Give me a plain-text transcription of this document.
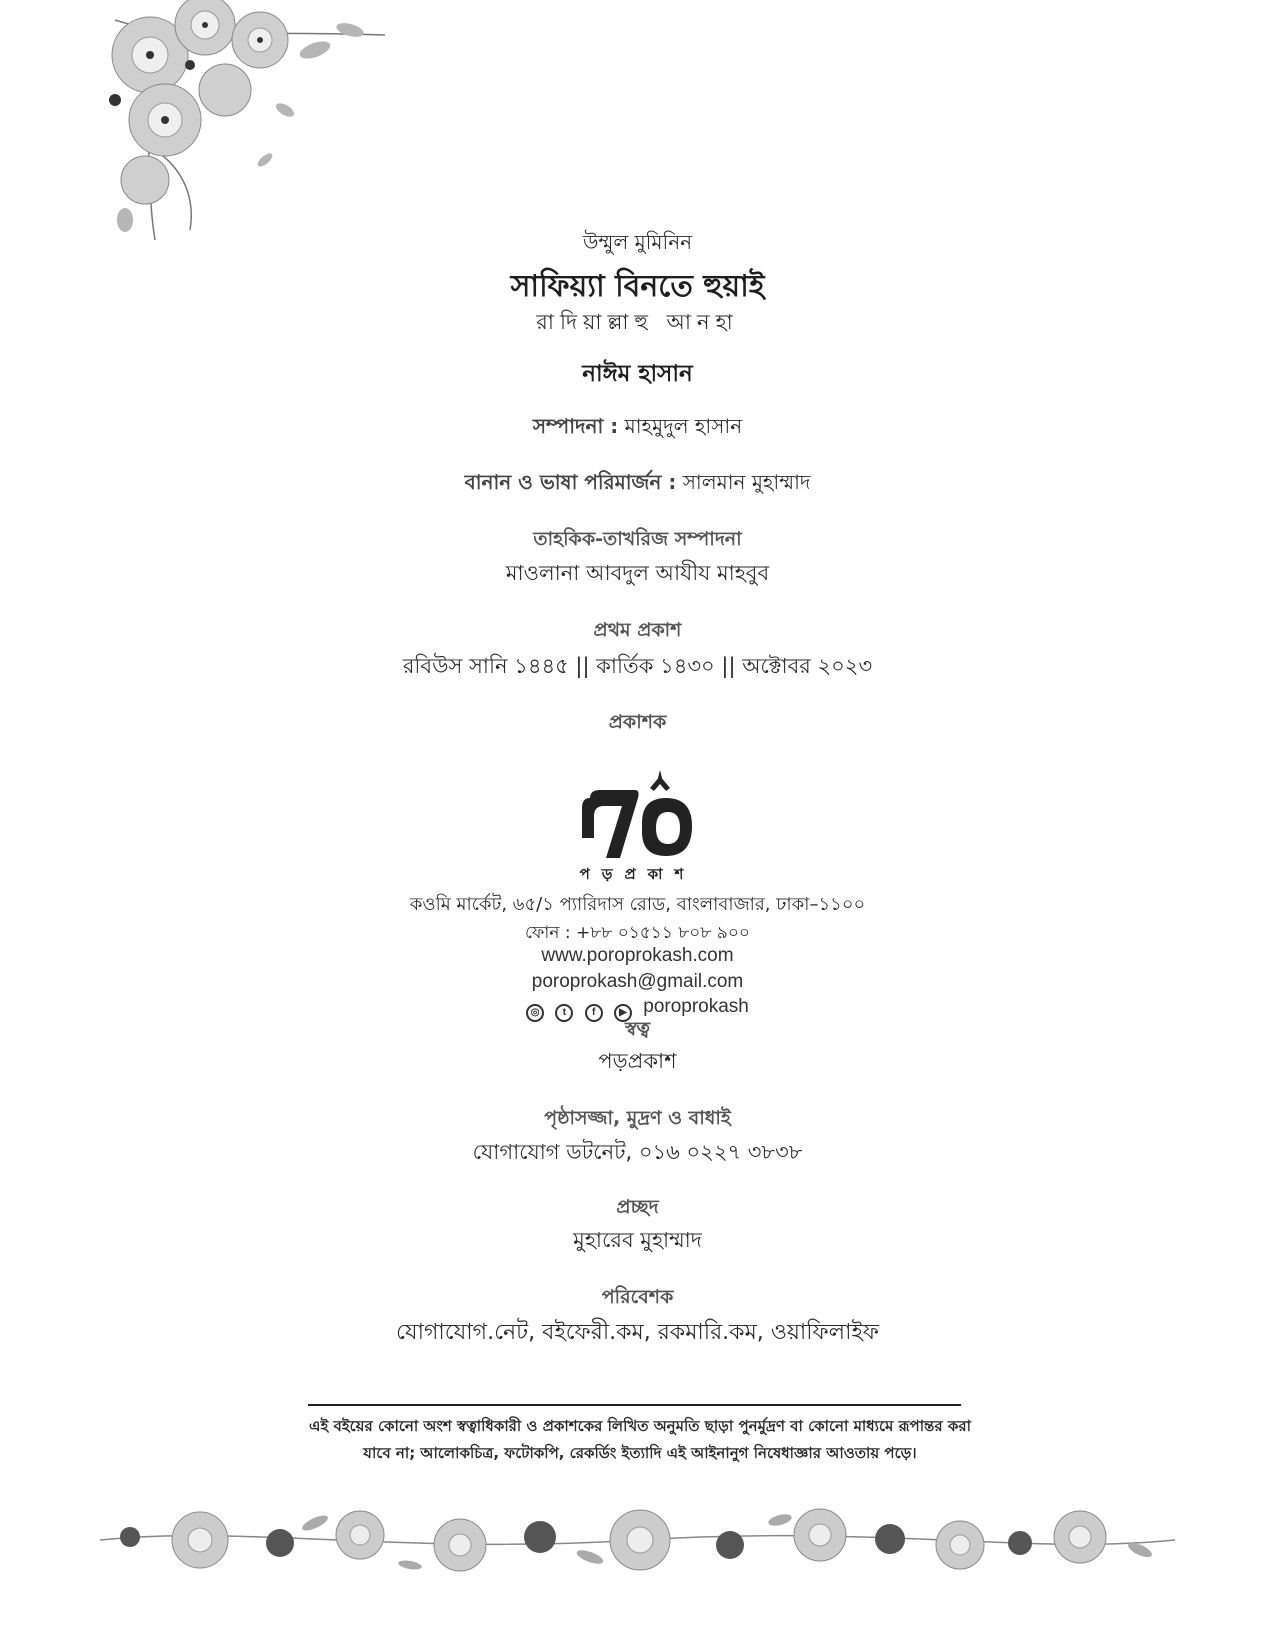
উম্মুল মুমিনিন
সাফিয়্যা বিনতে হুয়াই
রাদিয়াল্লাহু আনহা
নাঈম হাসান
সম্পাদনা : মাহমুদুল হাসান
বানান ও ভাষা পরিমার্জন : সালমান মুহাম্মাদ
তাহকিক-তাখরিজ সম্পাদনা
মাওলানা আবদুল আযীয মাহবুব
প্রথম প্রকাশ
রবিউস সানি ১৪৪৫ || কার্তিক ১৪৩০ || অক্টোবর ২০২৩
প্রকাশক
পড়প্রকাশ
কওমি মার্কেট, ৬৫/১ প্যারিদাস রোড, বাংলাবাজার, ঢাকা–১১০০
ফোন : +৮৮ ০১৫১১ ৮০৮ ৯০০
www.poroprokash.com
poroprokash@gmail.com
◎ t	f ▶ poroprokash
স্বত্ব
পড়প্রকাশ
পৃষ্ঠাসজ্জা, মুদ্রণ ও বাধাই
যোগাযোগ ডটনেট, ০১৬ ০২২৭ ৩৮৩৮
প্রচ্ছদ
মুহারেব মুহাম্মাদ
পরিবেশক
যোগাযোগ.নেট, বইফেরী.কম, রকমারি.কম, ওয়াফিলাইফ
এই বইয়ের কোনো অংশ স্বত্বাধিকারী ও প্রকাশকের লিখিত অনুমতি ছাড়া পুনর্মুদ্রণ বা কোনো মাধ্যমে রূপান্তর করা যাবে না; আলোকচিত্র, ফটোকপি, রেকর্ডিং ইত্যাদি এই আইনানুগ নিষেধাজ্ঞার আওতায় পড়ে।
